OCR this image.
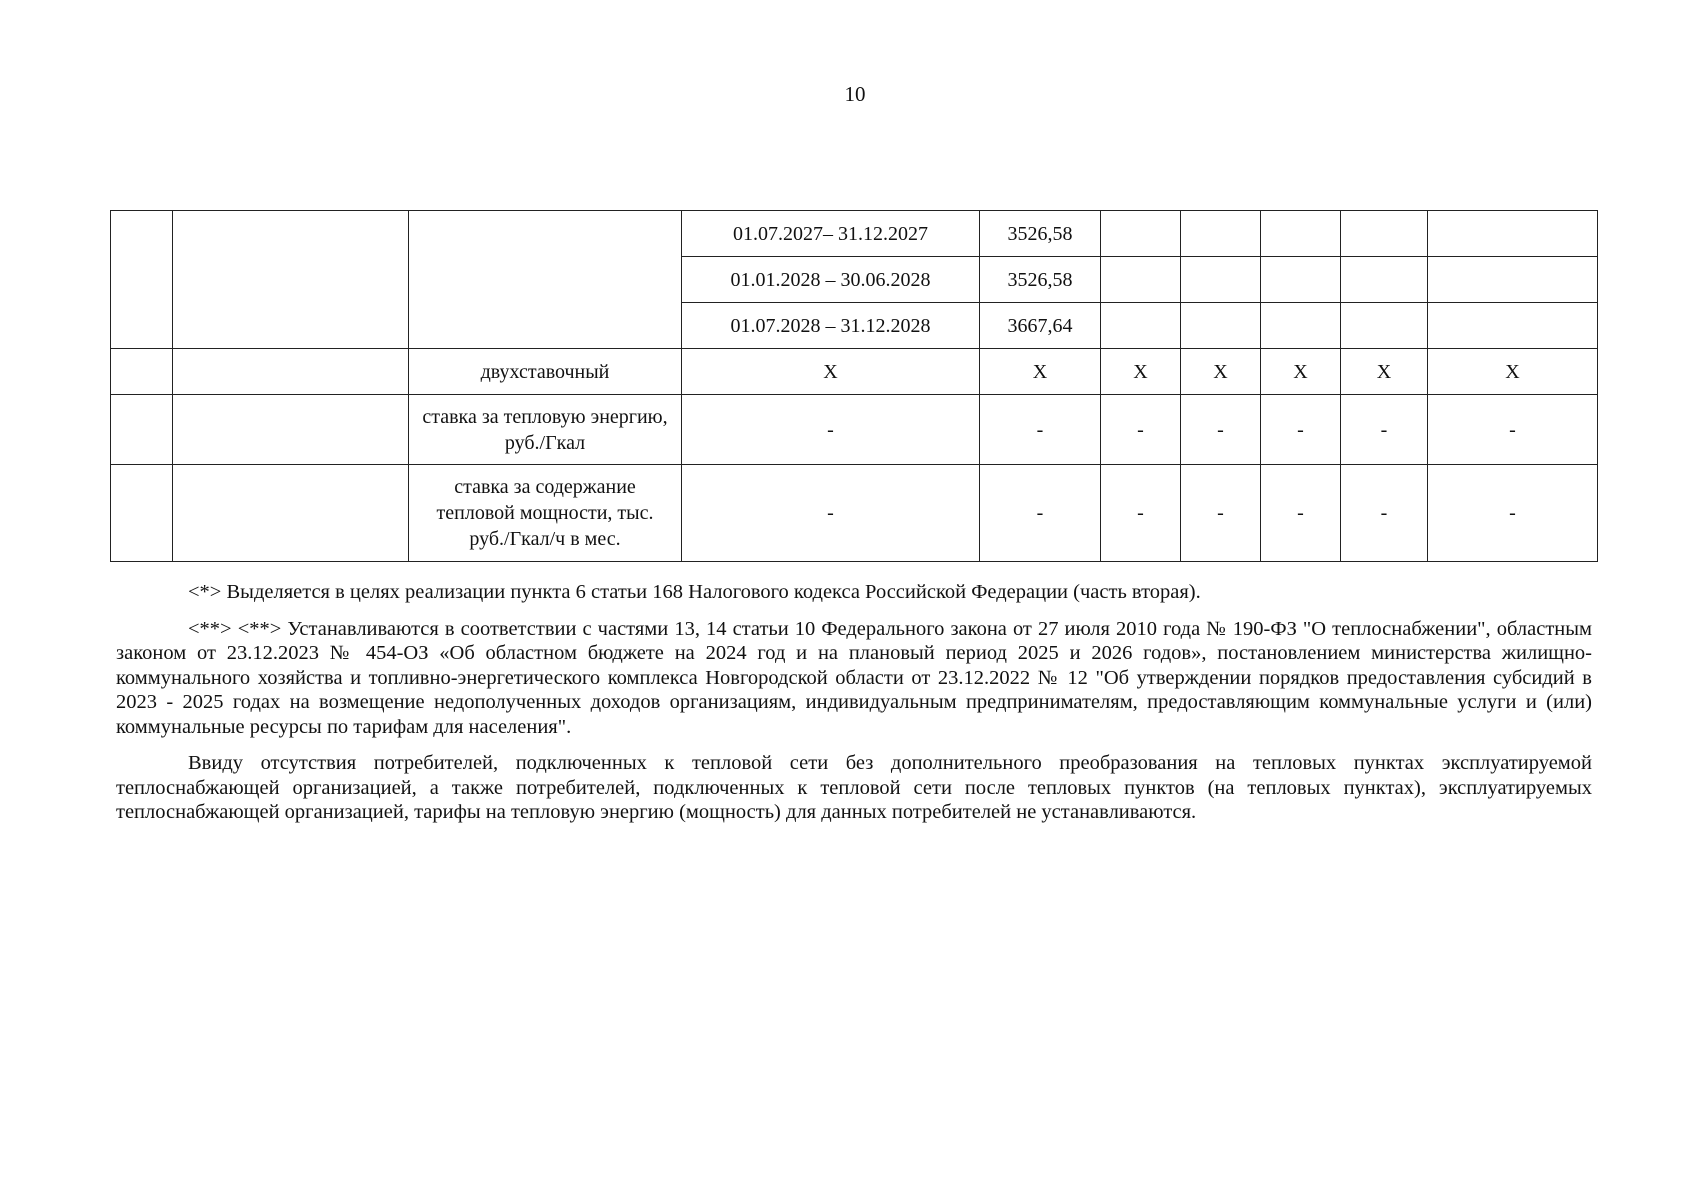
10
			01.07.2027– 31.12.2027	3526,58					
			01.01.2028 – 30.06.2028	3526,58					
			01.07.2028 – 31.12.2028	3667,64					
		двухставочный	X	X	X	X	X	X	X
		ставка за тепловую энергию, руб./Гкал	-	-	-	-	-	-	-
		ставка за содержание тепловой мощности, тыс. руб./Гкал/ч в мес.	-	-	-	-	-	-	-

<*> Выделяется в целях реализации пункта 6 статьи 168 Налогового кодекса Российской Федерации (часть вторая).

<**> <**> Устанавливаются в соответствии с частями 13, 14 статьи 10 Федерального закона от 27 июля 2010 года № 190-ФЗ "О теплоснабжении", областным законом от 23.12.2023 № 454-ОЗ «Об областном бюджете на 2024 год и на плановый период 2025 и 2026 годов», постановлением министерства жилищно-коммунального хозяйства и топливно-энергетического комплекса Новгородской области от 23.12.2022 № 12 "Об утверждении порядков предоставления субсидий в 2023 - 2025 годах на возмещение недополученных доходов организациям, индивидуальным предпринимателям, предоставляющим коммунальные услуги и (или) коммунальные ресурсы по тарифам для населения".

Ввиду отсутствия потребителей, подключенных к тепловой сети без дополнительного преобразования на тепловых пунктах эксплуатируемой теплоснабжающей организацией, а также потребителей, подключенных к тепловой сети после тепловых пунктов (на тепловых пунктах), эксплуатируемых теплоснабжающей организацией, тарифы на тепловую энергию (мощность) для данных потребителей не устанавливаются.
